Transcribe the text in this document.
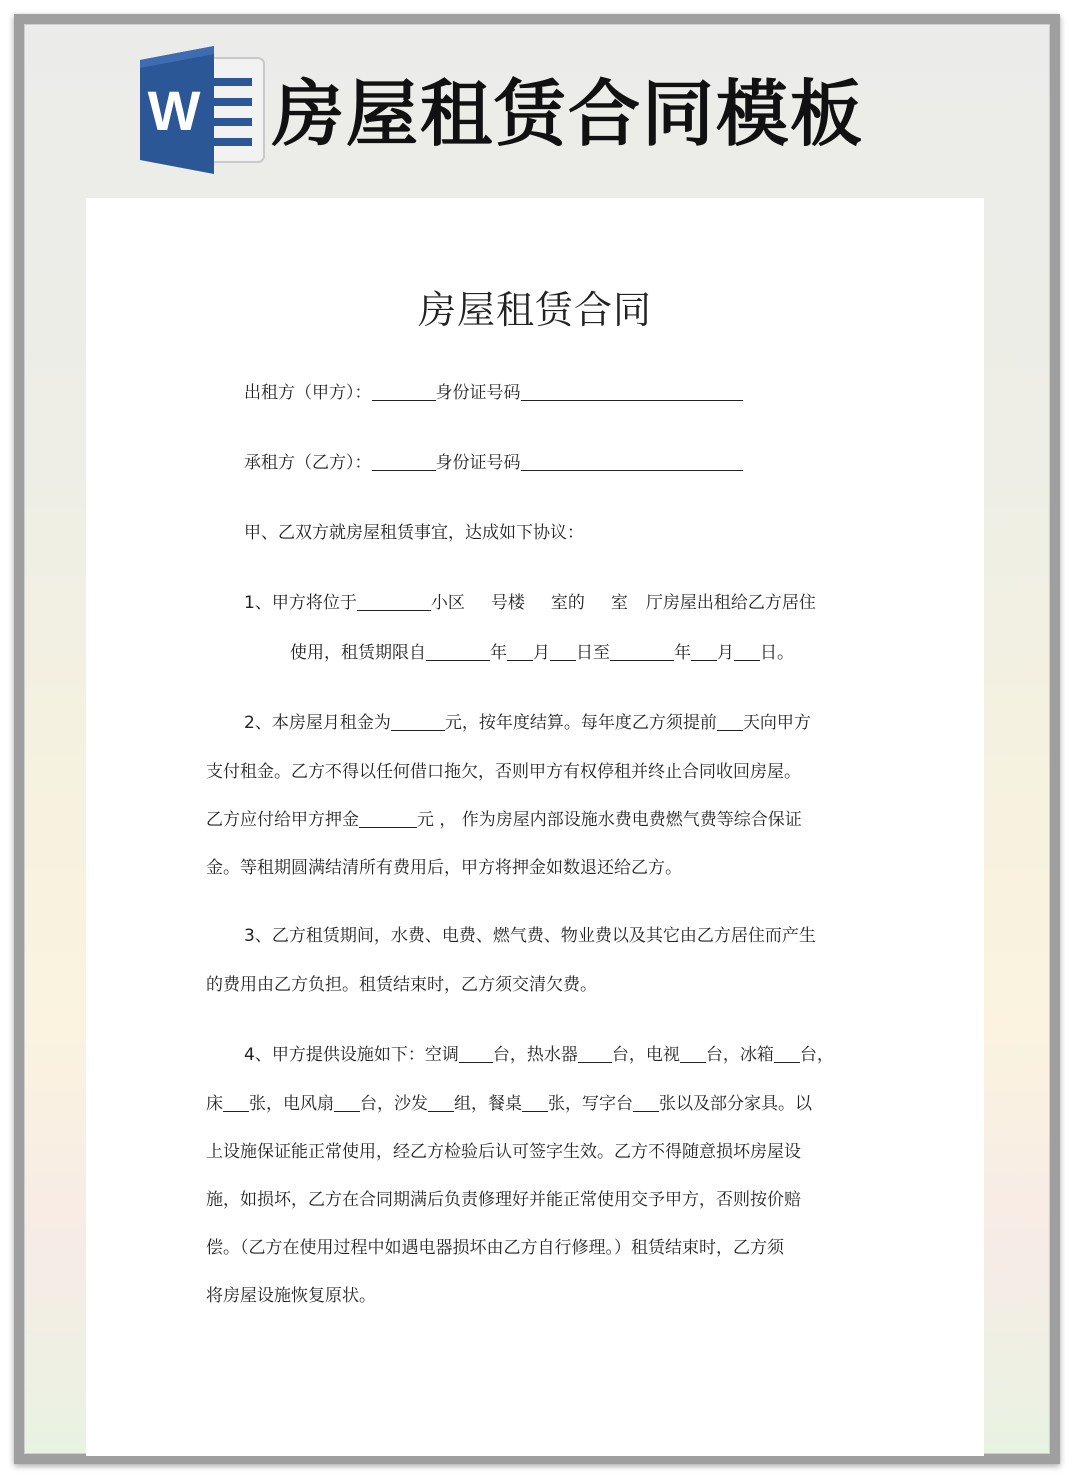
W 房屋租赁合同模板
房屋租赁合同
出租方（甲方）：	身份证号码
承租方（乙方）：	身份证号码
甲、乙双方就房屋租赁事宜，达成如下协议：
1、甲方将位于	小区 号楼 室的 室 厅房屋出租给乙方居住
使用，租赁期限自	年 月 日至	年 月 日。
2、本房屋月租金为	元，按年度结算。每年度乙方须提前 天向甲方
支付租金。乙方不得以任何借口拖欠，否则甲方有权停租并终止合同收回房屋。
乙方应付给甲方押金	元 ， 作为房屋内部设施水费电费燃气费等综合保证
金。等租期圆满结清所有费用后，甲方将押金如数退还给乙方。
3、乙方租赁期间，水费、电费、燃气费、物业费以及其它由乙方居住而产生
的费用由乙方负担。租赁结束时，乙方须交清欠费。
4、甲方提供设施如下：空调 台，热水器 台，电视 台，冰箱 台，
床 张，电风扇 台，沙发 组，餐桌 张，写字台 张以及部分家具。以
上设施保证能正常使用，经乙方检验后认可签字生效。乙方不得随意损坏房屋设
施，如损坏，乙方在合同期满后负责修理好并能正常使用交予甲方，否则按价赔
偿。（乙方在使用过程中如遇电器损坏由乙方自行修理。）租赁结束时，乙方须
将房屋设施恢复原状。
